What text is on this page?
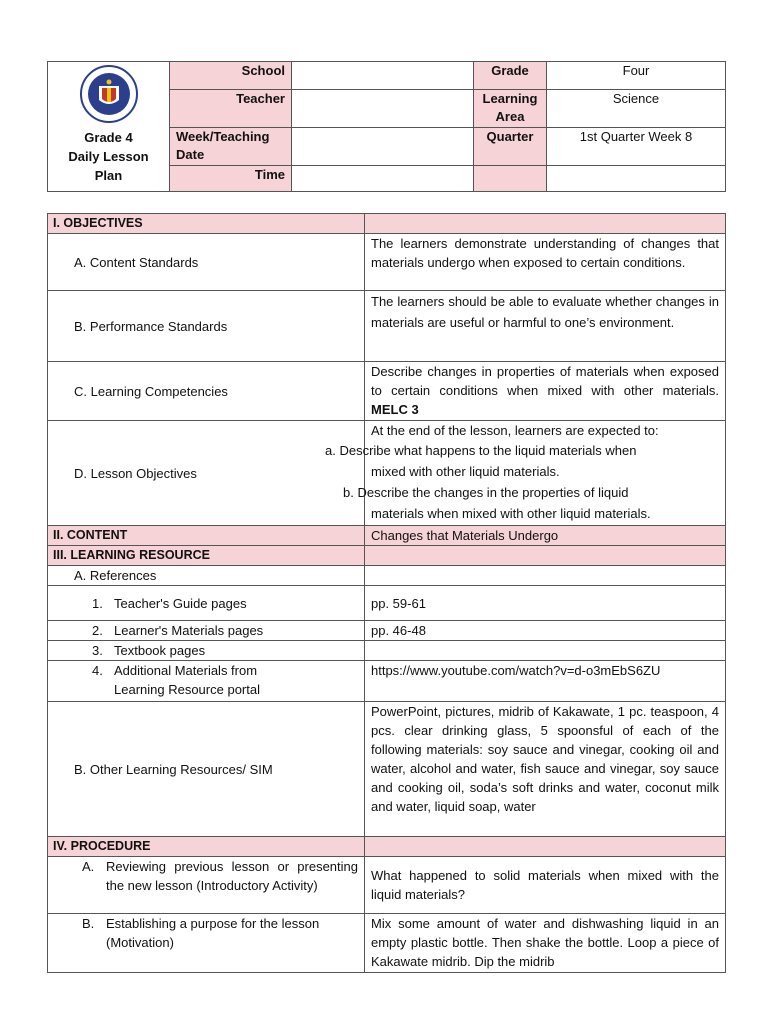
Grade 4
Daily Lesson
Plan	School		Grade	Four
	Teacher		Learning Area	Science
	Week/Teaching Date		Quarter	1st Quarter Week 8
	Time			
I. OBJECTIVES	
A. Content Standards	The learners demonstrate understanding of changes that materials undergo when exposed to certain conditions.
B. Performance Standards	The learners should be able to evaluate whether changes in materials are useful or harmful to one’s environment.
C. Learning Competencies	Describe changes in properties of materials when exposed to certain conditions when mixed with other materials. MELC 3
D. Lesson Objectives	At the end of the lesson, learners are expected to:
a. Describe what happens to the liquid materials when
mixed with other liquid materials.
b. Describe the changes in the properties of liquid
materials when mixed with other liquid materials.

II. CONTENT	Changes that Materials Undergo
III. LEARNING RESOURCE	
A. References	
1. Teacher's Guide pages	pp. 59-61
2. Learner's Materials pages	pp. 46-48
3. Textbook pages	
4. Additional Materials from
Learning Resource portal	https://www.youtube.com/watch?v=d-o3mEbS6ZU
B. Other Learning Resources/ SIM	PowerPoint, pictures, midrib of Kakawate, 1 pc. teaspoon, 4 pcs. clear drinking glass, 5 spoonsful of each of the following materials: soy sauce and vinegar, cooking oil and water, alcohol and water, fish sauce and vinegar, soy sauce and cooking oil, soda’s soft drinks and water, coconut milk and water, liquid soap, water
IV. PROCEDURE	

A. Reviewing previous lesson or presenting the new lesson (Introductory Activity)	What happened to solid materials when mixed with the liquid materials?

B. Establishing a purpose for the lesson (Motivation)	Mix some amount of water and dishwashing liquid in an empty plastic bottle. Then shake the bottle. Loop a piece of Kakawate midrib. Dip the midrib
